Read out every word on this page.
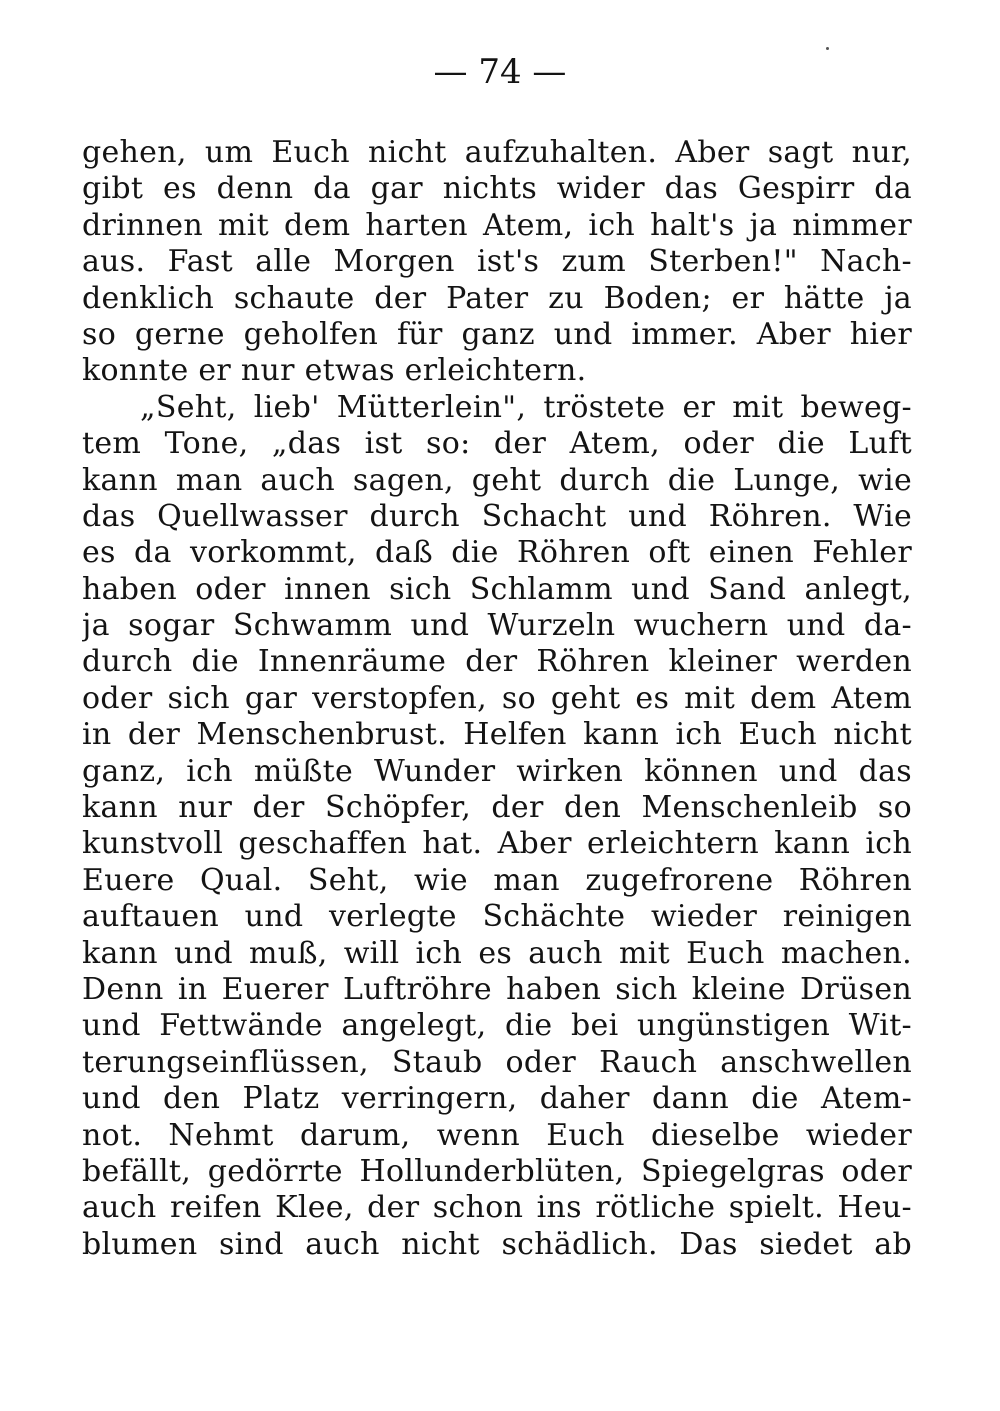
— 74 —
gehen, um Euch nicht aufzuhalten. Aber sagt nur,
gibt es denn da gar nichts wider das Gespirr da
drinnen mit dem harten Atem, ich halt's ja nimmer
aus. Fast alle Morgen ist's zum Sterben!" Nach-
denklich schaute der Pater zu Boden; er hätte ja
so gerne geholfen für ganz und immer. Aber hier
konnte er nur etwas erleichtern.
„Seht, lieb' Mütterlein", tröstete er mit beweg-
tem Tone, „das ist so: der Atem, oder die Luft
kann man auch sagen, geht durch die Lunge, wie
das Quellwasser durch Schacht und Röhren. Wie
es da vorkommt, daß die Röhren oft einen Fehler
haben oder innen sich Schlamm und Sand anlegt,
ja sogar Schwamm und Wurzeln wuchern und da-
durch die Innenräume der Röhren kleiner werden
oder sich gar verstopfen, so geht es mit dem Atem
in der Menschenbrust. Helfen kann ich Euch nicht
ganz, ich müßte Wunder wirken können und das
kann nur der Schöpfer, der den Menschenleib so
kunstvoll geschaffen hat. Aber erleichtern kann ich
Euere Qual. Seht, wie man zugefrorene Röhren
auftauen und verlegte Schächte wieder reinigen
kann und muß, will ich es auch mit Euch machen.
Denn in Euerer Luftröhre haben sich kleine Drüsen
und Fettwände angelegt, die bei ungünstigen Wit-
terungseinflüssen, Staub oder Rauch anschwellen
und den Platz verringern, daher dann die Atem-
not. Nehmt darum, wenn Euch dieselbe wieder
befällt, gedörrte Hollunderblüten, Spiegelgras oder
auch reifen Klee, der schon ins rötliche spielt. Heu-
blumen sind auch nicht schädlich. Das siedet ab
